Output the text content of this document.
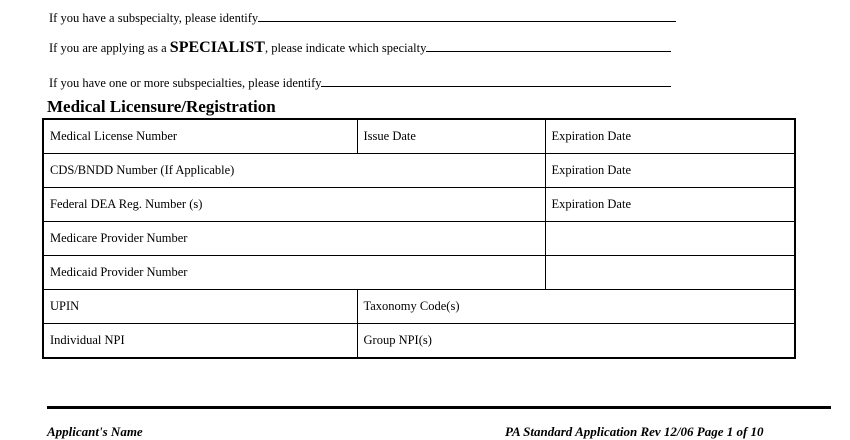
If you have a subspecialty, please identify
If you are applying as a SPECIALIST, please indicate which specialty
If you have one or more subspecialties, please identify
Medical Licensure/Registration
Medical License Number	Issue Date	Expiration Date
CDS/BNDD Number (If Applicable)		Expiration Date
Federal DEA Reg. Number (s)		Expiration Date
Medicare Provider Number		
Medicaid Provider Number		
UPIN	Taxonomy Code(s)	
Individual NPI	Group NPI(s)	
Applicant's Name	PA Standard Application Rev 12/06 Page 1 of 10
